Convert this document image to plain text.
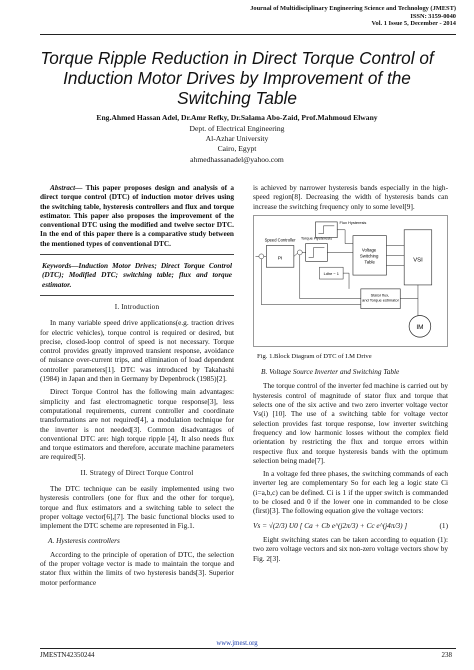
Journal of Multidisciplinary Engineering Science and Technology (JMEST)
ISSN: 3159-0040
Vol. 1 Issue 5, December - 2014
Torque Ripple Reduction in Direct Torque Control of Induction Motor Drives by Improvement of the Switching Table
Eng.Ahmed Hassan Adel, Dr.Amr Refky, Dr.Salama Abo-Zaid, Prof.Mahmoud Elwany
Dept. of Electrical Engineering
Al-Azhar University
Cairo, Egypt
ahmedhassanadel@yahoo.com
Abstract— This paper proposes design and analysis of a direct torque control (DTC) of induction motor drives using the switching table, hysteresis controllers and flux and torque estimator. This paper also proposes the improvement of the conventional DTC using the modified and twelve sector DTC. In the end of this paper there is a comparative study between the mentioned types of conventional DTC.
Keywords—Induction Motor Drives; Direct Torque Control (DTC); Modified DTC; switching table; flux and torque estimator.
I. Introduction

In many variable speed drive applications(e.g. traction drives for electric vehicles), torque control is required or desired, but precise, closed-loop control of speed is not necessary. Torque control provides greatly improved transient response, avoidance of nuisance over-current trips, and elimination of load dependent controller parameters[1]. DTC was introduced by Takahashi (1984) in Japan and then in Germany by Depenbrock (1985)[2].

Direct Torque Control has the following main advantages: simplicity and fast electromagnetic torque response[3], less computational requirements, current controller and coordinate transformations are not required[4], a modulation technique for the inverter is not needed[3]. Common disadvantages of conventional DTC are: high torque ripple [4], It also needs flux and torque estimators and therefore, accurate machine parameters are required[5].

II. Strategy of Direct Torque Control

The DTC technique can be easily implemented using two hysteresis controllers (one for flux and the other for torque), torque and flux estimators and a switching table to select the proper voltage vector[6],[7]. The basic functional blocks used to implement the DTC scheme are represented in Fig.1.

A. Hysteresis controllers

According to the principle of operation of DTC, the selection of the proper voltage vector is made to maintain the torque and stator flux within the limits of two hysteresis bands[3]. Superior motor performance

is achieved by narrower hysteresis bands especially in the high- speed region[8]. Decreasing the width of hysteresis bands can increase the switching frequency only to some level[9].

Speed Controller
PI
Torque Hysteresis
Flux Hysteresis
Voltage Switching Table	VSI
Stator flux, and Torque estimator
Ldhe − 1
IM
Fig. 1.Block Diagram of DTC of I.M Drive
B. Voltage Source Inverter and Switching Table

The torque control of the inverter fed machine is carried out by hysteresis control of magnitude of stator flux and torque that selects one of the six active and two zero inverter voltage vector Vs(i) [10]. The use of a switching table for voltage vector selection provides fast torque response, low inverter switching frequency and low harmonic losses without the complex field orientation by restricting the flux and torque errors within respective flux and torque hysteresis bands with the optimum selection being made[7].

In a voltage fed three phases, the switching commands of each inverter leg are complementary So for each leg a logic state Ci (i=a,b,c) can be defined. Ci is 1 if the upper switch is commanded to be closed and 0 if the lower one in commanded to be close (first)[3]. The following equation give the voltage vectors:

Vs = √(2/3) U0 [ Ca + Cb e^(j2π/3) + Cc e^(j4π/3) ]	(1)

Eight switching states can be taken according to equation (1): two zero voltage vectors and six non-zero voltage vectors show by Fig. 2[3].

www.jmest.org
JMESTN42350244	238
